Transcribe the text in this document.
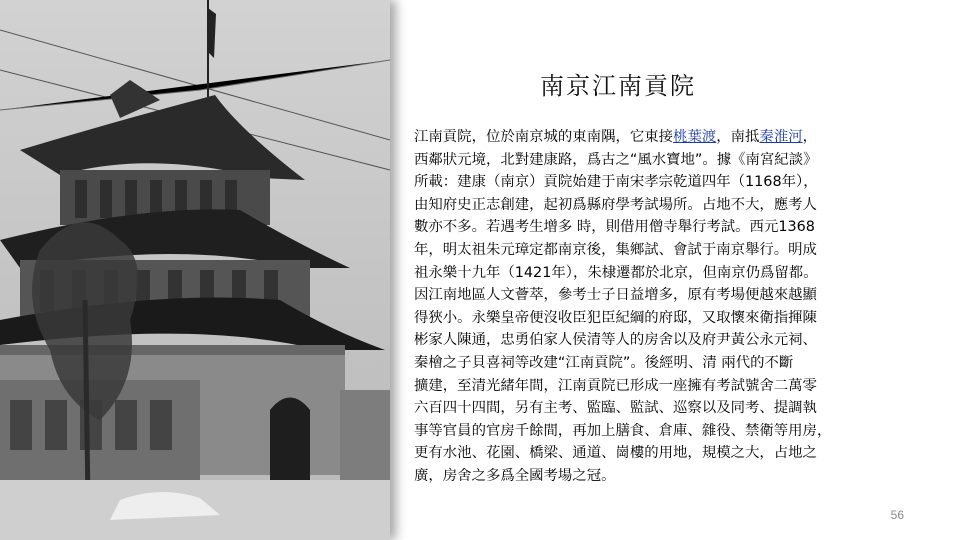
南京江南貢院
江南貢院，位於南京城的東南隅，它東接桃葉渡，南抵秦淮河，
西鄰狀元境，北對建康路，爲古之“風水寶地”。據《南宮紀談》
所載：建康（南京）貢院始建于南宋孝宗乾道四年（1168年），
由知府史正志創建，起初爲縣府學考試場所。占地不大，應考人
數亦不多。若遇考生增多 時，則借用僧寺舉行考試。西元1368
年，明太祖朱元璋定都南京後，集鄉試、會試于南京舉行。明成
祖永樂十九年（1421年），朱棣遷都於北京，但南京仍爲留都。
因江南地區人文薈萃，參考士子日益增多，原有考場便越來越顯
得狹小。永樂皇帝便沒收臣犯臣紀綱的府邸，又取懷來衛指揮陳
彬家人陳通，忠勇伯家人侯清等人的房舍以及府尹黃公永元祠、
秦檜之子貝喜祠等改建“江南貢院”。後經明、清 兩代的不斷
擴建，至清光緒年間，江南貢院已形成一座擁有考試號舍二萬零
六百四十四間，另有主考、監臨、監試、巡察以及同考、提調執
事等官員的官房千餘間，再加上膳食、倉庫、雜役、禁衛等用房，
更有水池、花園、橋梁、通道、崗樓的用地，規模之大，占地之
廣，房舍之多爲全國考場之冠。
56
